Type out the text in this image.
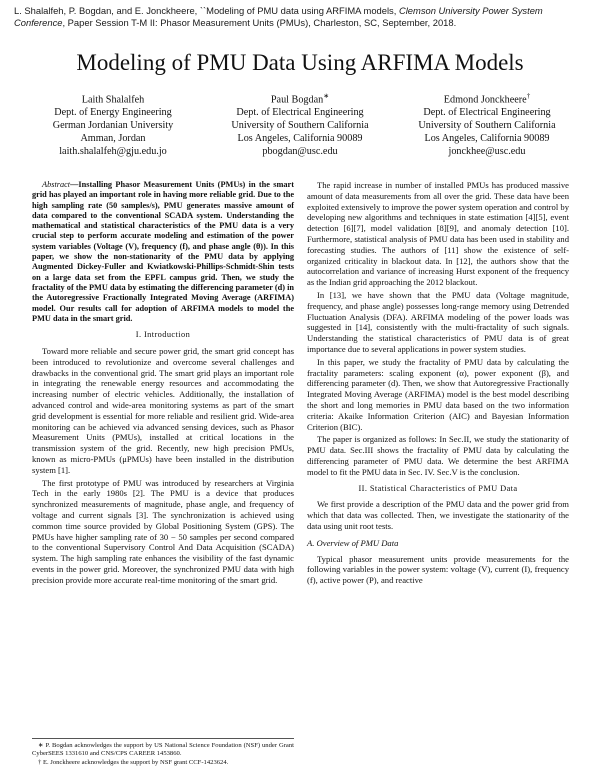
L. Shalalfeh, P. Bogdan, and E. Jonckheere, ``Modeling of PMU data using ARFIMA models, Clemson University Power System Conference, Paper Session T-M II: Phasor Measurement Units (PMUs), Charleston, SC, September, 2018.
Modeling of PMU Data Using ARFIMA Models
Laith Shalalfeh
Dept. of Energy Engineering
German Jordanian University
Amman, Jordan
laith.shalalfeh@gju.edu.jo
Paul Bogdan∗
Dept. of Electrical Engineering
University of Southern California
Los Angeles, California 90089
pbogdan@usc.edu
Edmond Jonckheere†
Dept. of Electrical Engineering
University of Southern California
Los Angeles, California 90089
jonckhee@usc.edu

Abstract—Installing Phasor Measurement Units (PMUs) in the smart grid has played an important role in having more reliable grid. Due to the high sampling rate (50 samples/s), PMU generates massive amount of data compared to the conventional SCADA system. Understanding the mathematical and statistical characteristics of the PMU data is a very crucial step to perform accurate modeling and estimation of the power system variables (Voltage (V), frequency (f), and phase angle (θ)). In this paper, we show the non-stationarity of the PMU data by applying Augmented Dickey-Fuller and Kwiatkowski-Phillips-Schmidt-Shin tests on a large data set from the EPFL campus grid. Then, we study the fractality of the PMU data by estimating the differencing parameter (d) in the Autoregressive Fractionally Integrated Moving Average (ARFIMA) model. Our results call for adoption of ARFIMA models to model the PMU data in the smart grid.

I. Introduction

Toward more reliable and secure power grid, the smart grid concept has been introduced to revolutionize and overcome several challenges and drawbacks in the conventional grid. The smart grid plays an important role in integrating the renewable energy resources and accommodating the increasing number of electric vehicles. Additionally, the installation of advanced control and wide-area monitoring systems as part of the smart grid development is essential for more reliable and resilient grid. Wide-area monitoring can be achieved via advanced sensing devices, such as Phasor Measurement Units (PMUs), installed at critical locations in the transmission system of the grid. Recently, new high precision PMUs, known as micro-PMUs (μPMUs) have been installed in the distribution system [1].

The first prototype of PMU was introduced by researchers at Virginia Tech in the early 1980s [2]. The PMU is a device that produces synchronized measurements of magnitude, phase angle, and frequency of voltage and current signals [3]. The synchronization is achieved using common time source provided by Global Positioning System (GPS). The PMUs have higher sampling rate of 30 − 50 samples per second compared to the conventional Supervisory Control And Data Acquisition (SCADA) system. The high sampling rate enhances the visibility of the fast dynamic events in the power grid. Moreover, the synchronized PMU data with high precision provide more accurate real-time monitoring of the smart grid.

∗ P. Bogdan acknowledges the support by US National Science Foundation (NSF) under Grant CyberSEES 1331610 and CNS/CPS CAREER 1453860.
† E. Jonckheere acknowledges the support by NSF grant CCF-1423624.

The rapid increase in number of installed PMUs has produced massive amount of data measurements from all over the grid. These data have been exploited extensively to improve the power system operation and control by developing new algorithms and techniques in state estimation [4][5], event detection [6][7], model validation [8][9], and anomaly detection [10]. Furthermore, statistical analysis of PMU data has been used in stability and forecasting studies. The authors of [11] show the existence of self-organized criticality in blackout data. In [12], the authors show that the autocorrelation and variance of increasing Hurst exponent of the frequency as the Indian grid approaching the 2012 blackout.

In [13], we have shown that the PMU data (Voltage magnitude, frequency, and phase angle) possesses long-range memory using Detrended Fluctuation Analysis (DFA). ARFIMA modeling of the power loads was suggested in [14], consistently with the multi-fractality of such signals. Understanding the statistical characteristics of PMU data is of great importance due to several applications in power system studies.

In this paper, we study the fractality of PMU data by calculating the fractality parameters: scaling exponent (α), power exponent (β), and differencing parameter (d). Then, we show that Autoregressive Fractionally Integrated Moving Average (ARFIMA) model is the best model describing the short and long memories in PMU data based on the two information criteria: Akaike Information Criterion (AIC) and Bayesian Information Criterion (BIC).

The paper is organized as follows: In Sec.II, we study the stationarity of PMU data. Sec.III shows the fractality of PMU data by calculating the differencing parameter of PMU data. We determine the best ARFIMA model to fit the PMU data in Sec. IV. Sec.V is the conclusion.

II. Statistical Characteristics of PMU Data

We first provide a description of the PMU data and the power grid from which that data was collected. Then, we investigate the stationarity of the data using unit root tests.

A. Overview of PMU Data

Typical phasor measurement units provide measurements for the following variables in the power system: voltage (V), current (I), frequency (f), active power (P), and reactive
